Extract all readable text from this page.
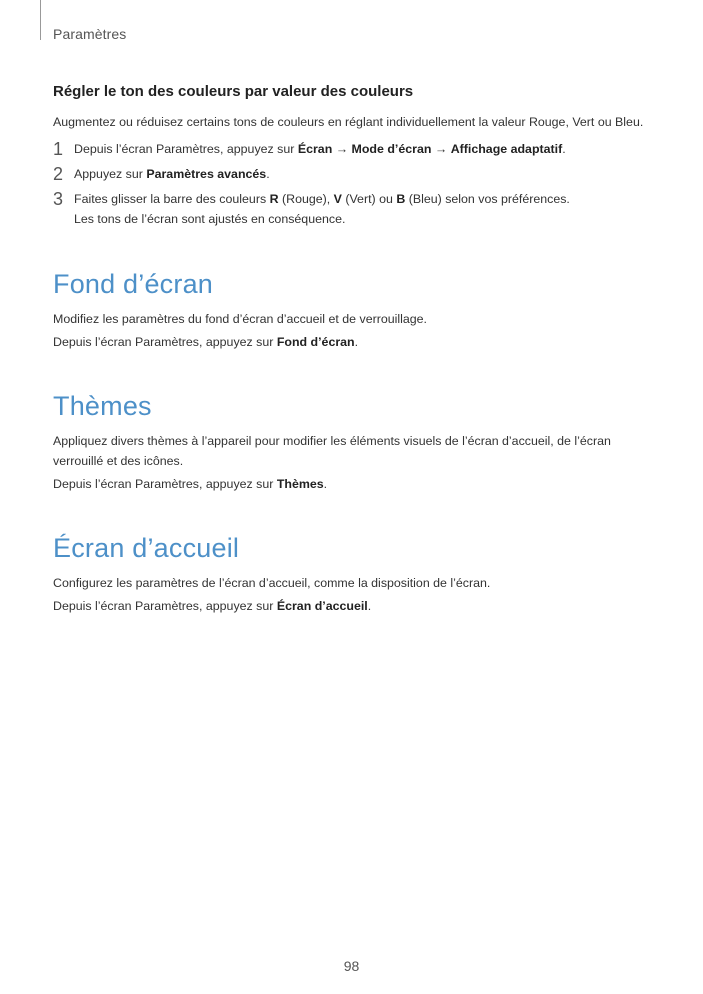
Paramètres
Régler le ton des couleurs par valeur des couleurs

Augmentez ou réduisez certains tons de couleurs en réglant individuellement la valeur Rouge, Vert ou Bleu.

1 Depuis l’écran Paramètres, appuyez sur Écran → Mode d’écran → Affichage adaptatif.
2 Appuyez sur Paramètres avancés.
3 Faites glisser la barre des couleurs R (Rouge), V (Vert) ou B (Bleu) selon vos préférences.
Les tons de l’écran sont ajustés en conséquence.
Fond d’écran

Modifiez les paramètres du fond d’écran d’accueil et de verrouillage.

Depuis l’écran Paramètres, appuyez sur Fond d’écran.

Thèmes

Appliquez divers thèmes à l’appareil pour modifier les éléments visuels de l’écran d’accueil, de l’écran
verrouillé et des icônes.

Depuis l’écran Paramètres, appuyez sur Thèmes.

Écran d’accueil

Configurez les paramètres de l’écran d’accueil, comme la disposition de l’écran.

Depuis l’écran Paramètres, appuyez sur Écran d’accueil.

98
